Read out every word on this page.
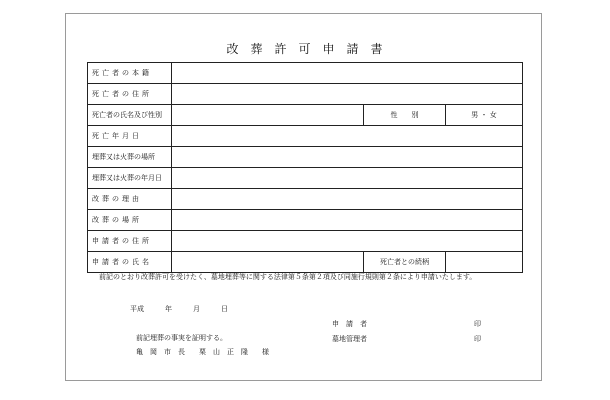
改葬許可申請書
死亡者の本籍			
死亡者の住所			
死亡者の氏名及び性別		性　　別	男 ・ 女
死亡年月日			
埋葬又は火葬の場所			
埋葬又は火葬の年月日			
改葬の理由			
改葬の場所			
申請者の住所			
申請者の氏名		死亡者との続柄	
前記のとおり改葬許可を受けたく、墓地埋葬等に関する法律第５条第２項及び同施行規則第２条により申請いたします。
平成　　　年　　　月　　　日
申　請　者	印
前記埋葬の事実を証明する。	墓地管理者	印
亀　岡　市　長　　栗　山　正　隆　　様
